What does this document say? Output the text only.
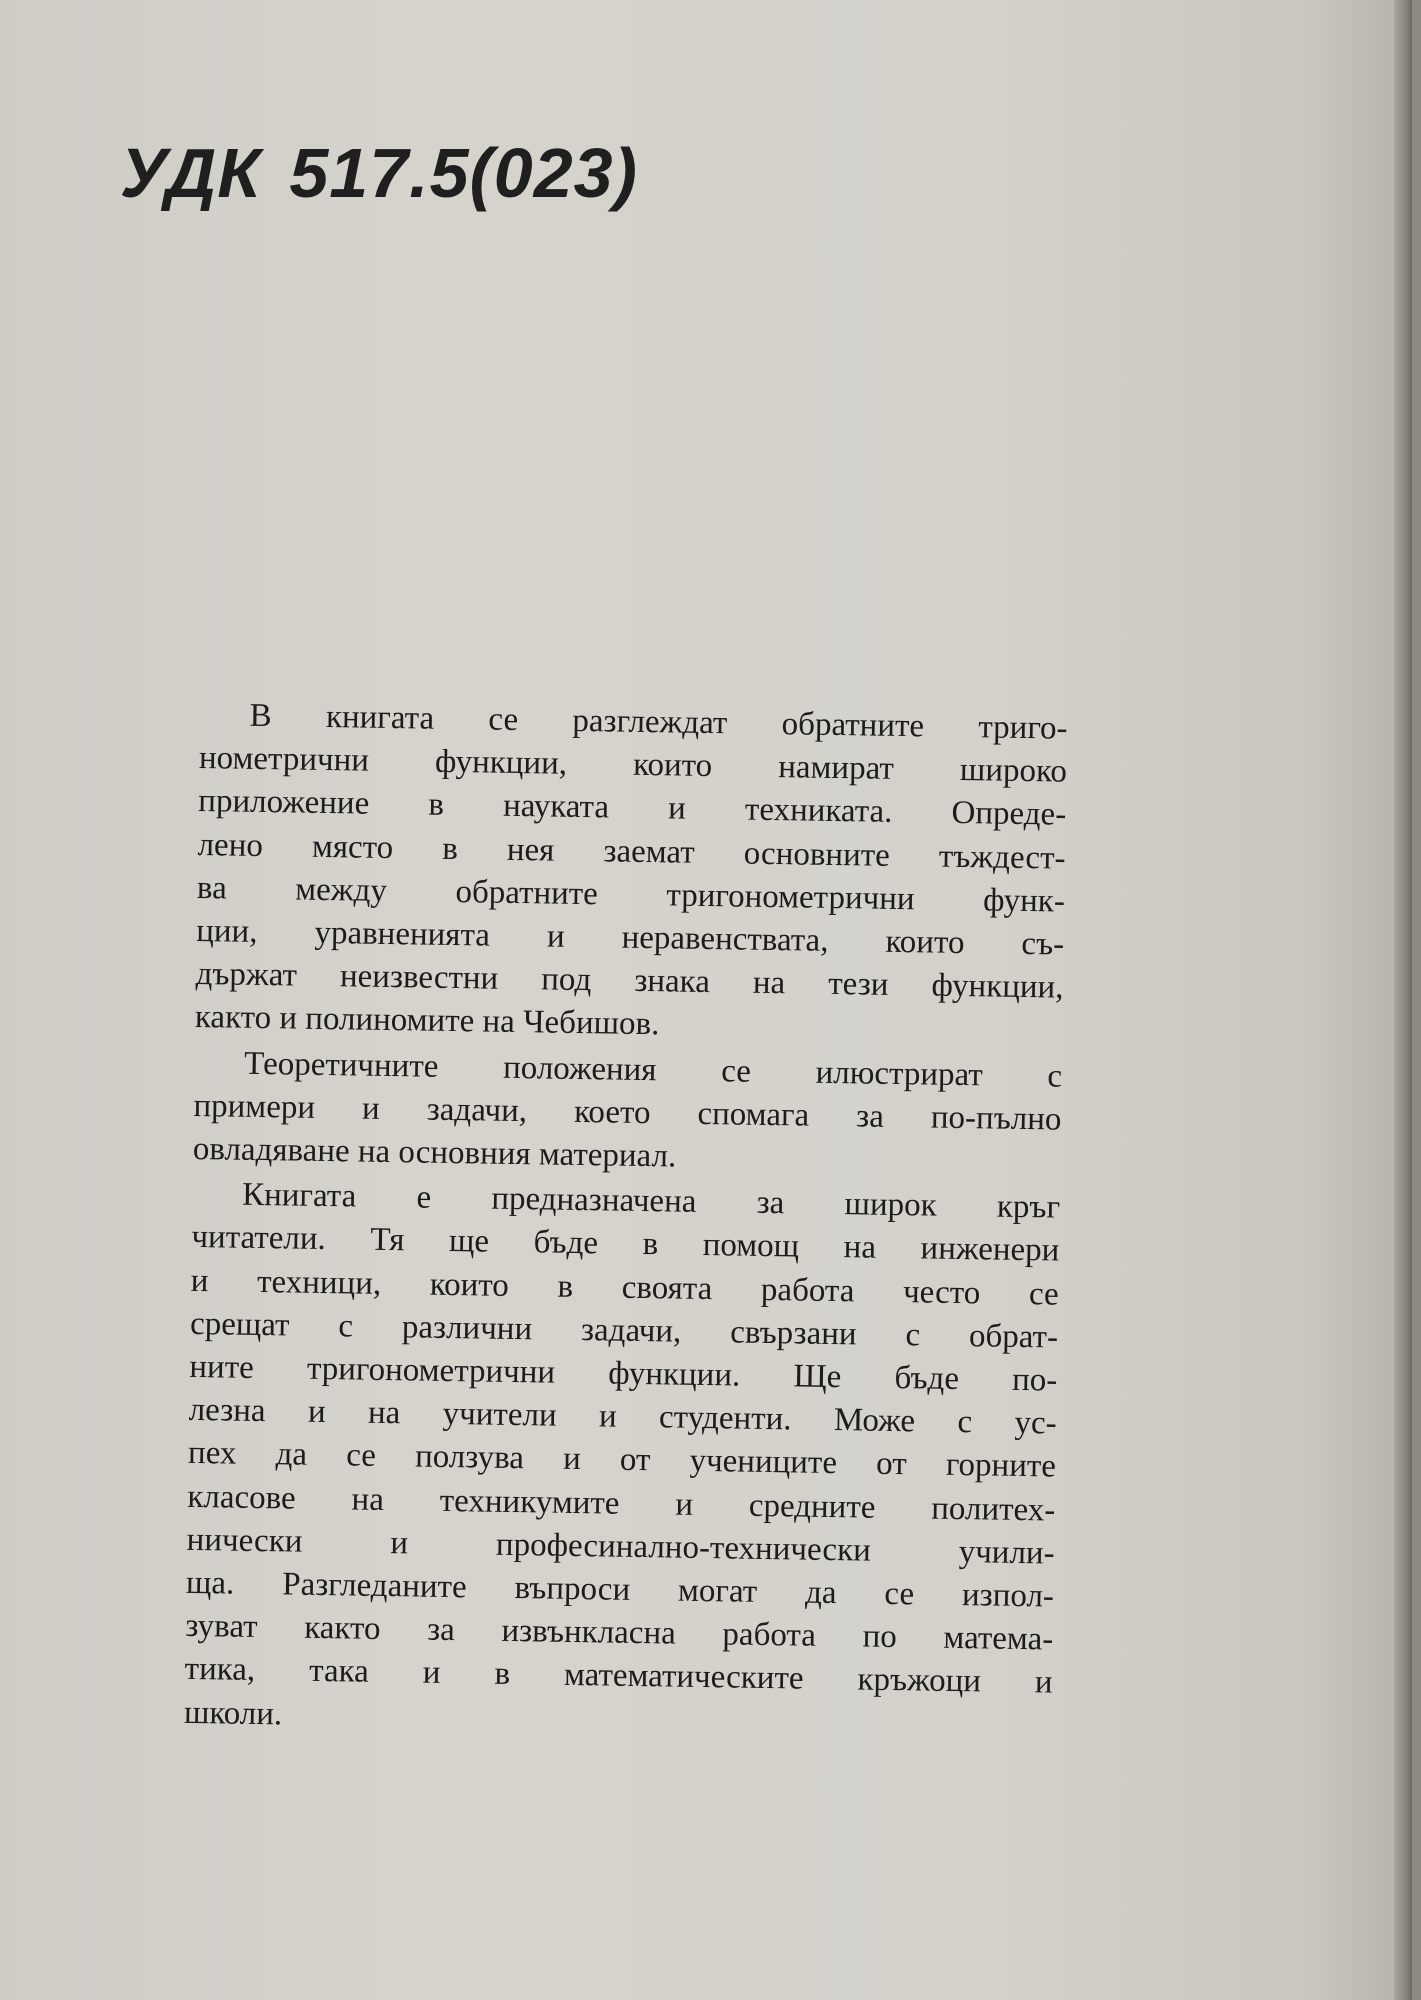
УДК 517.5(023)
В книгата се разглеждат обратните триго-
нометрични функции, които намират широко
приложение в науката и техниката. Опреде-
лено място в нея заемат основните тъждест-
ва между обратните тригонометрични функ-
ции, уравненията и неравенствата, които съ-
държат неизвестни под знака на тези функции,
както и полиномите на Чебишов.
Теоретичните положения се илюстрират с
примери и задачи, което спомага за по-пълно
овладяване на основния материал.
Книгата е предназначена за широк кръг
читатели. Тя ще бъде в помощ на инженери
и техници, които в своята работа често се
срещат с различни задачи, свързани с обрат-
ните тригонометрични функции. Ще бъде по-
лезна и на учители и студенти. Може с ус-
пех да се ползува и от учениците от горните
класове на техникумите и средните политех-
нически и професинално-технически учили-
ща. Разгледаните въпроси могат да се изпол-
зуват както за извънкласна работа по матема-
тика, така и в математическите кръжоци и
школи.
